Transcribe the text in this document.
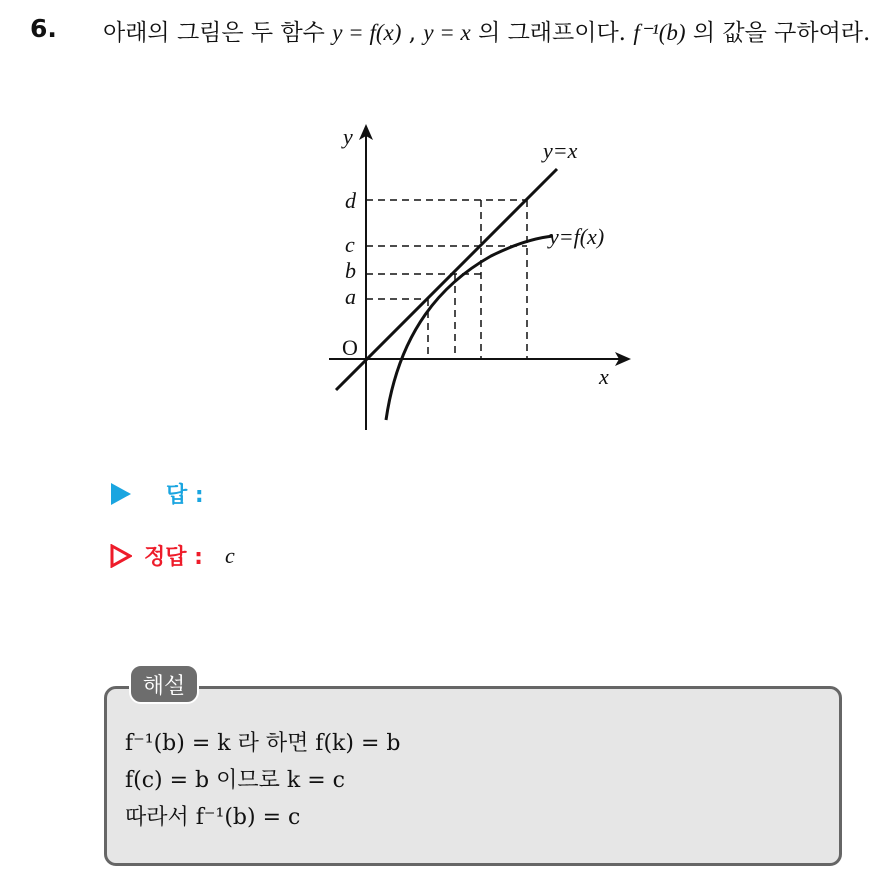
6. 아래의 그림은 두 함수 y = f(x) , y = x 의 그래프이다. f⁻¹(b) 의 값을 구하여라.

y
x
O
y=x
y=f(x)
d
c
b
a
답 :
정답 : c
해설
f⁻¹(b) = k 라 하면 f(k) = b
f(c) = b 이므로 k = c
따라서 f⁻¹(b) = c
